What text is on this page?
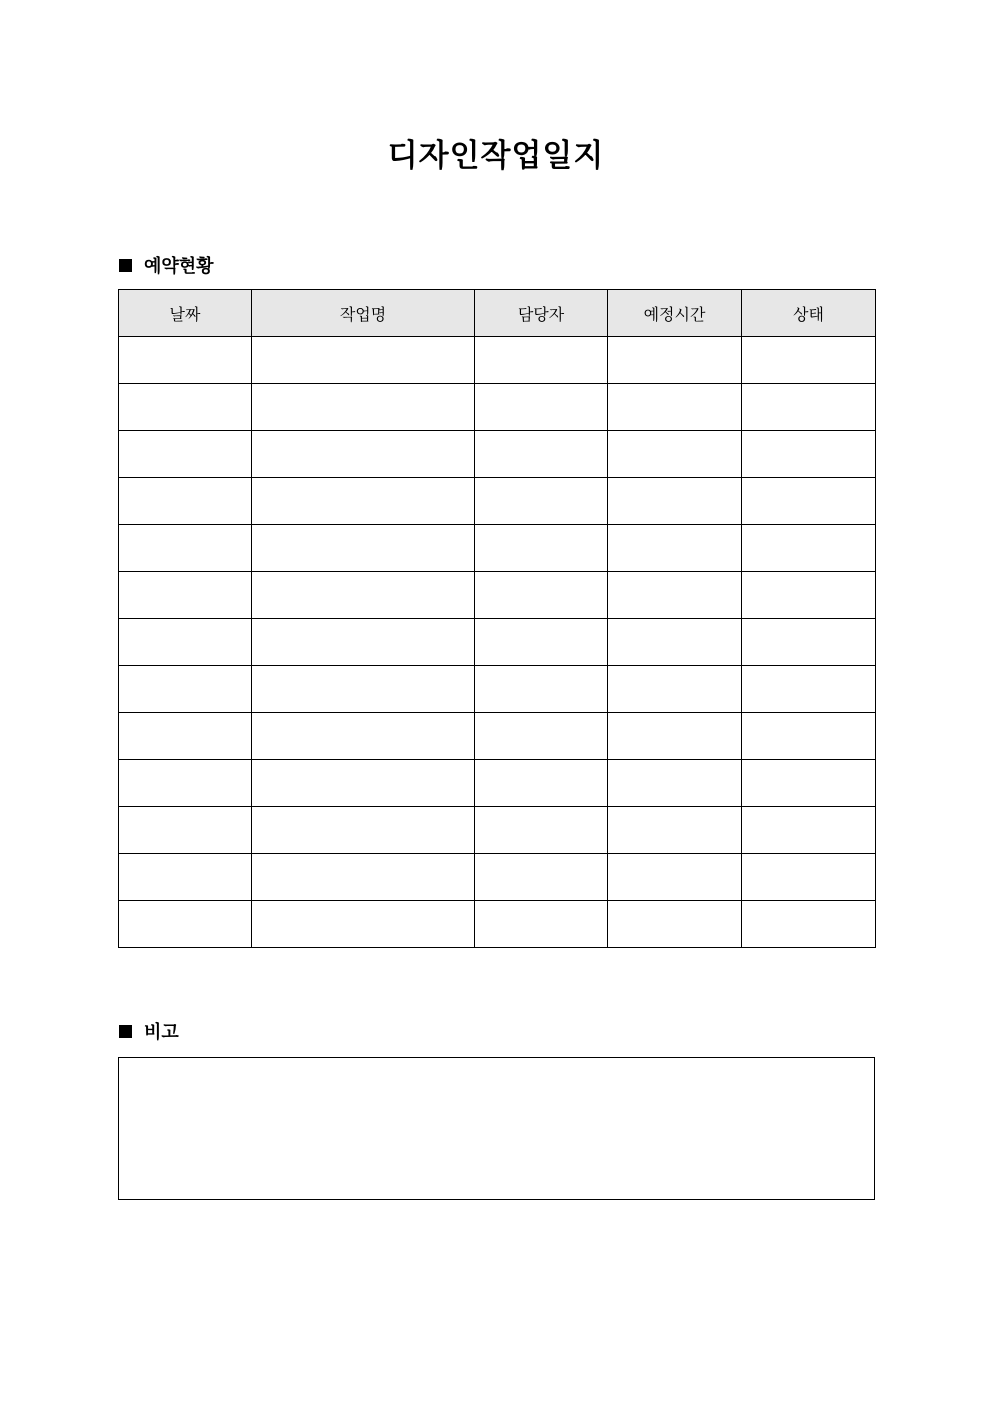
디자인작업일지
예약현황
날짜	작업명	담당자	예정시간	상태

비고
